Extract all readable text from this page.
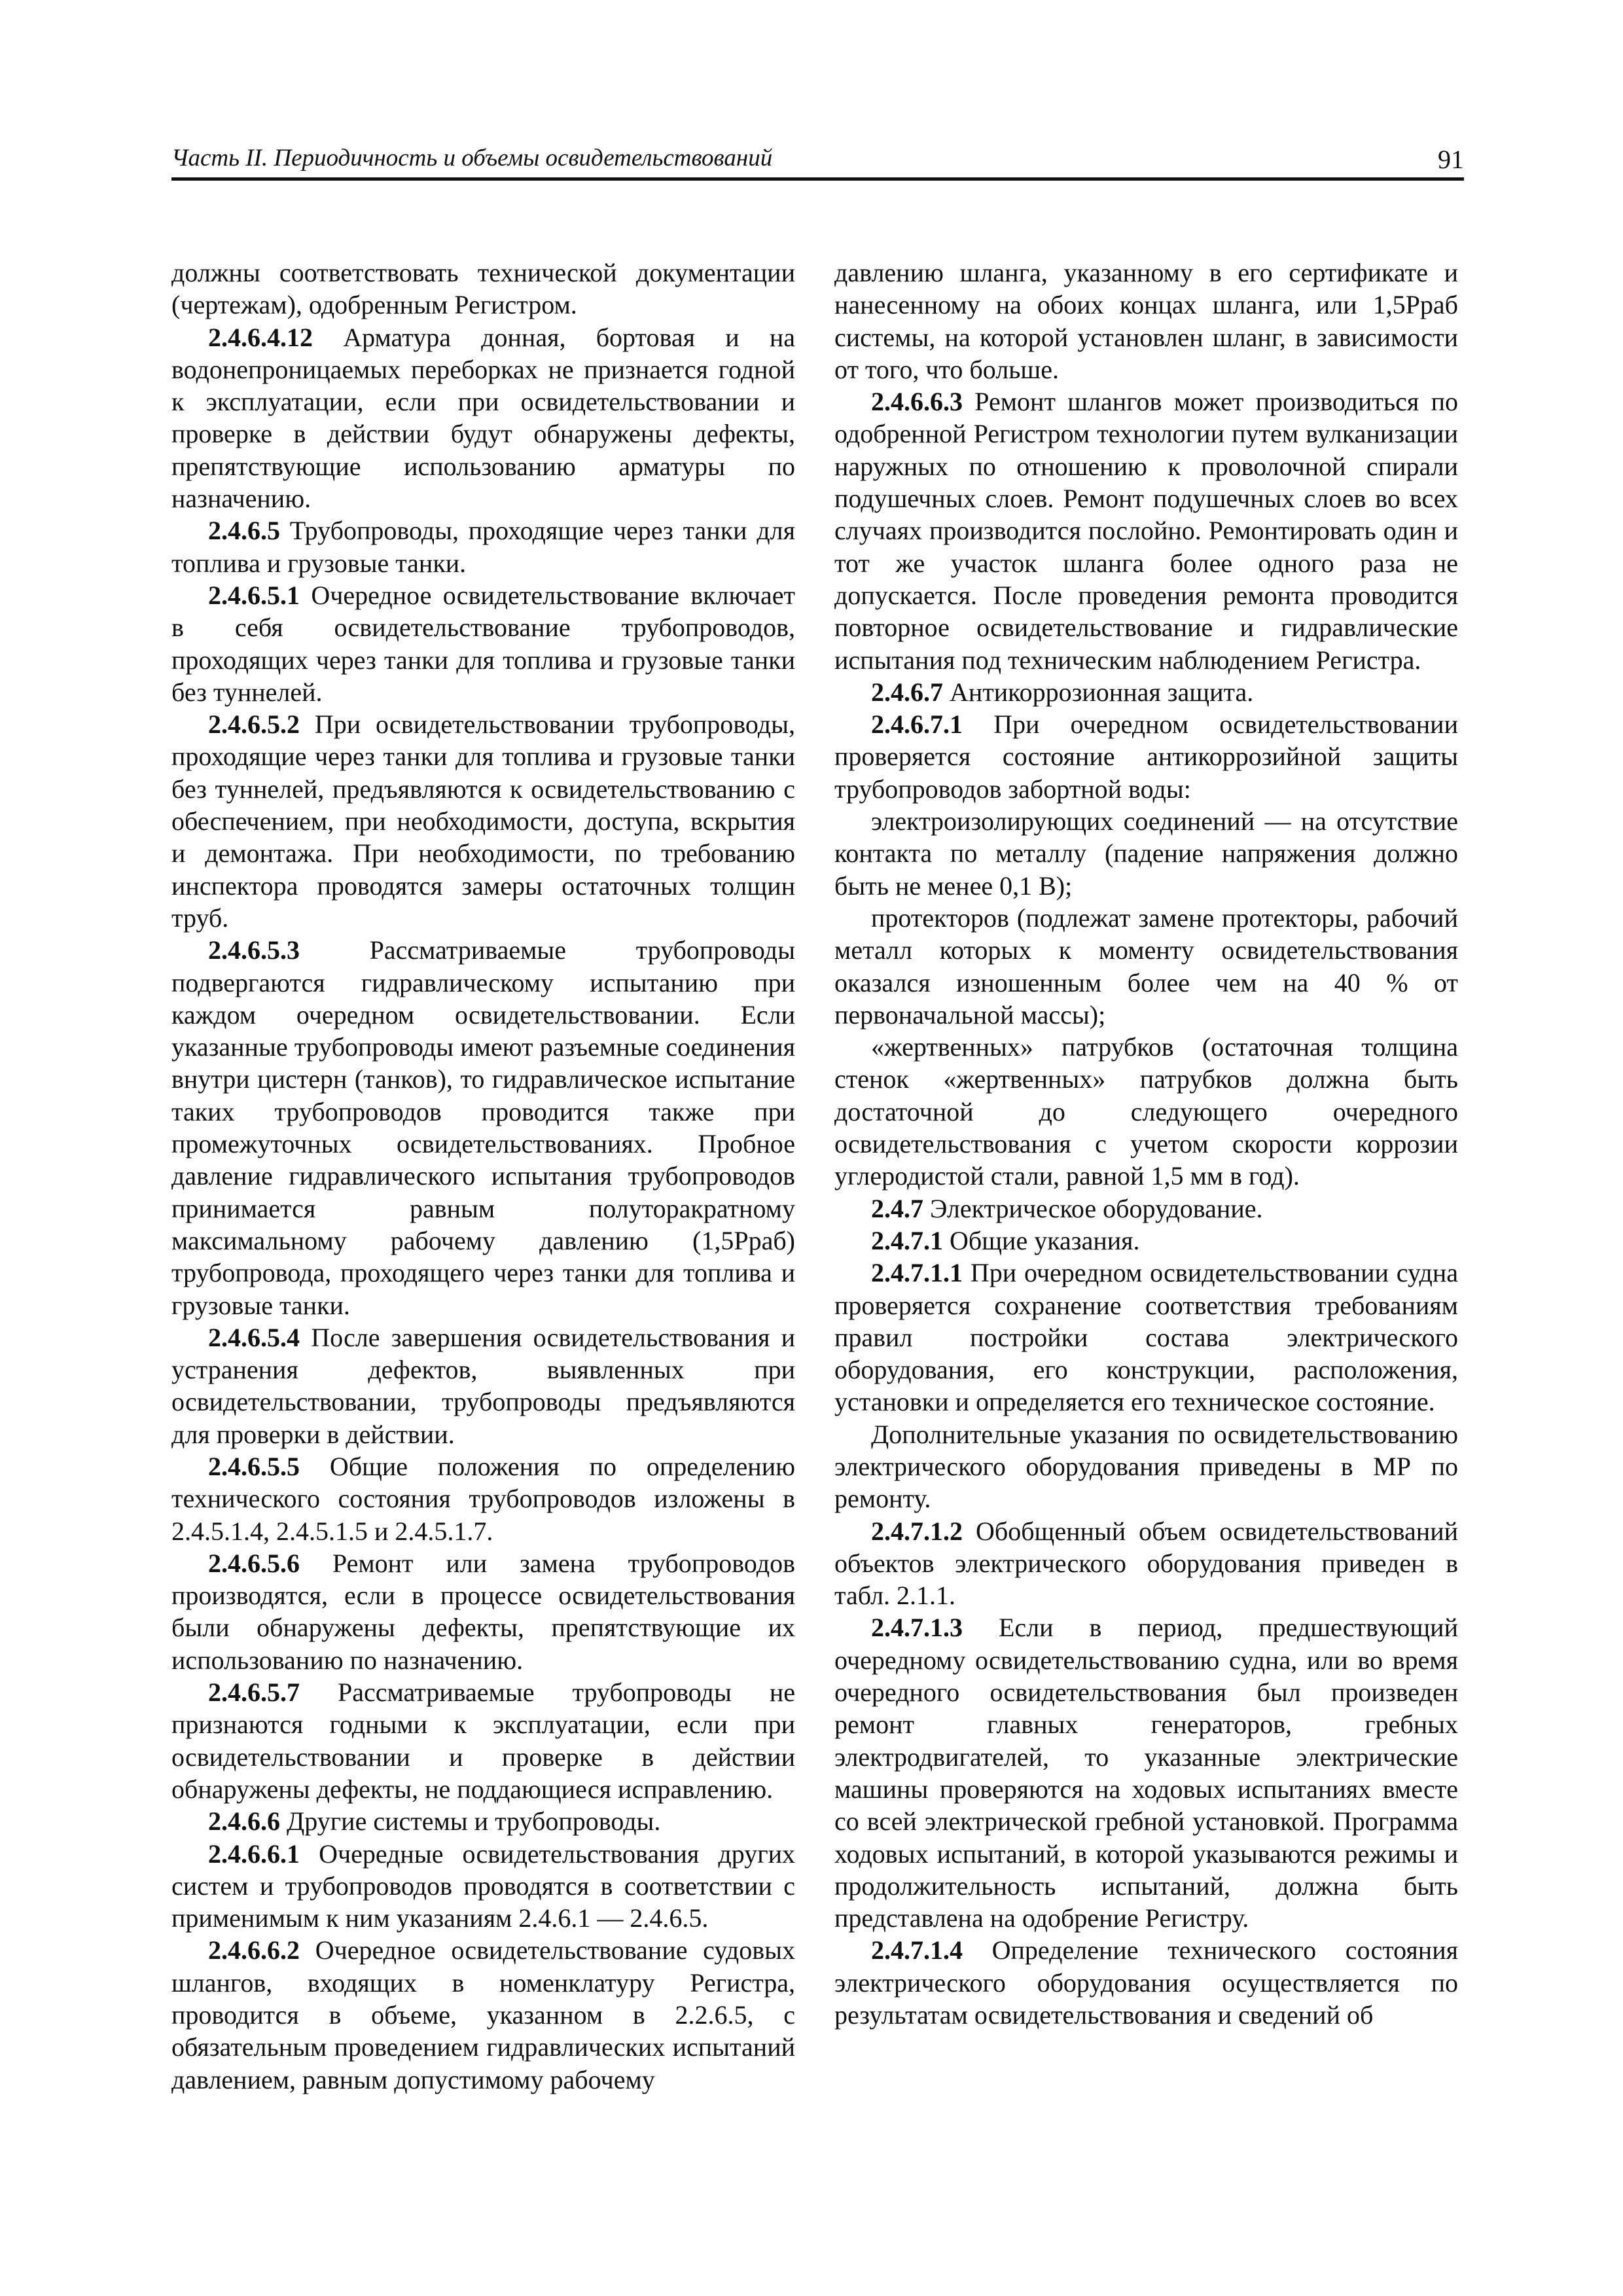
Часть II. Периодичность и объемы освидетельствований	91

должны соответствовать технической документации (чертежам), одобренным Регистром.

2.4.6.4.12 Арматура донная, бортовая и на водонепроницаемых переборках не признается годной к эксплуатации, если при освидетельствовании и проверке в действии будут обнаружены дефекты, препятствующие использованию арматуры по назначению.

2.4.6.5 Трубопроводы, проходящие через танки для топлива и грузовые танки.

2.4.6.5.1 Очередное освидетельствование включает в себя освидетельствование трубопроводов, проходящих через танки для топлива и грузовые танки без туннелей.

2.4.6.5.2 При освидетельствовании трубопроводы, проходящие через танки для топлива и грузовые танки без туннелей, предъявляются к освидетельствованию с обеспечением, при необходимости, доступа, вскрытия и демонтажа. При необходимости, по требованию инспектора проводятся замеры остаточных толщин труб.

2.4.6.5.3 Рассматриваемые трубопроводы подвергаются гидравлическому испытанию при каждом очередном освидетельствовании. Если указанные трубопроводы имеют разъемные соединения внутри цистерн (танков), то гидравлическое испытание таких трубопроводов проводится также при промежуточных освидетельствованиях. Пробное давление гидравлического испытания трубопроводов принимается равным полуторакратному максимальному рабочему давлению (1,5Pраб) трубопровода, проходящего через танки для топлива и грузовые танки.

2.4.6.5.4 После завершения освидетельствования и устранения дефектов, выявленных при освидетельствовании, трубопроводы предъявляются для проверки в действии.

2.4.6.5.5 Общие положения по определению технического состояния трубопроводов изложены в 2.4.5.1.4, 2.4.5.1.5 и 2.4.5.1.7.

2.4.6.5.6 Ремонт или замена трубопроводов производятся, если в процессе освидетельствования были обнаружены дефекты, препятствующие их использованию по назначению.

2.4.6.5.7 Рассматриваемые трубопроводы не признаются годными к эксплуатации, если при освидетельствовании и проверке в действии обнаружены дефекты, не поддающиеся исправлению.

2.4.6.6 Другие системы и трубопроводы.

2.4.6.6.1 Очередные освидетельствования других систем и трубопроводов проводятся в соответствии с применимым к ним указаниям 2.4.6.1 — 2.4.6.5.

2.4.6.6.2 Очередное освидетельствование судовых шлангов, входящих в номенклатуру Регистра, проводится в объеме, указанном в 2.2.6.5, с обязательным проведением гидравлических испытаний давлением, равным допустимому рабочему

давлению шланга, указанному в его сертификате и нанесенному на обоих концах шланга, или 1,5Pраб системы, на которой установлен шланг, в зависимости от того, что больше.

2.4.6.6.3 Ремонт шлангов может производиться по одобренной Регистром технологии путем вулканизации наружных по отношению к проволочной спирали подушечных слоев. Ремонт подушечных слоев во всех случаях производится послойно. Ремонтировать один и тот же участок шланга более одного раза не допускается. После проведения ремонта проводится повторное освидетельствование и гидравлические испытания под техническим наблюдением Регистра.

2.4.6.7 Антикоррозионная защита.

2.4.6.7.1 При очередном освидетельствовании проверяется состояние антикоррозийной защиты трубопроводов забортной воды:

электроизолирующих соединений — на отсутствие контакта по металлу (падение напряжения должно быть не менее 0,1 В);

протекторов (подлежат замене протекторы, рабочий металл которых к моменту освидетельствования оказался изношенным более чем на 40 % от первоначальной массы);

«жертвенных» патрубков (остаточная толщина стенок «жертвенных» патрубков должна быть достаточной до следующего очередного освидетельствования с учетом скорости коррозии углеродистой стали, равной 1,5 мм в год).

2.4.7 Электрическое оборудование.

2.4.7.1 Общие указания.

2.4.7.1.1 При очередном освидетельствовании судна проверяется сохранение соответствия требованиям правил постройки состава электрического оборудования, его конструкции, расположения, установки и определяется его техническое состояние.

Дополнительные указания по освидетельствованию электрического оборудования приведены в МР по ремонту.

2.4.7.1.2 Обобщенный объем освидетельствований объектов электрического оборудования приведен в табл. 2.1.1.

2.4.7.1.3 Если в период, предшествующий очередному освидетельствованию судна, или во время очередного освидетельствования был произведен ремонт главных генераторов, гребных электродвигателей, то указанные электрические машины проверяются на ходовых испытаниях вместе со всей электрической гребной установкой. Программа ходовых испытаний, в которой указываются режимы и продолжительность испытаний, должна быть представлена на одобрение Регистру.

2.4.7.1.4 Определение технического состояния электрического оборудования осуществляется по результатам освидетельствования и сведений об
